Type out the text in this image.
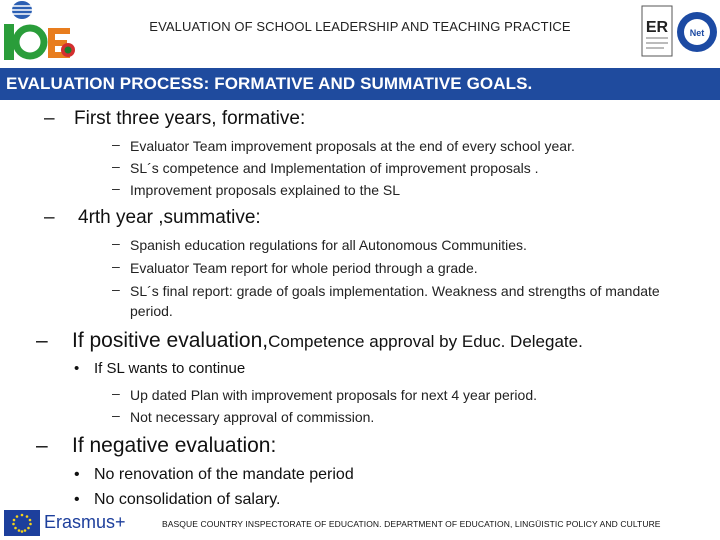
EVALUATION OF SCHOOL LEADERSHIP AND TEACHING PRACTICE	ER Net
EVALUATION PROCESS: FORMATIVE AND SUMMATIVE GOALS.
– First three years, formative:
– Evaluator Team improvement proposals at the end of every school year.
– SL´s competence and Implementation of improvement proposals .
– Improvement proposals explained to the SL
– 4rth year ,summative:
– Spanish education regulations for all Autonomous Communities.
– Evaluator Team report for whole period through a grade.
– SL´s final report: grade of goals implementation. Weakness and strengths of mandate period.
– If positive evaluation,Competence approval by Educ. Delegate.
• If SL wants to continue
– Up dated Plan with improvement proposals for next 4 year period.
– Not necessary approval of commission.
– If negative evaluation:
• No renovation of the mandate period
• No consolidation of salary.
Erasmus+	BASQUE COUNTRY INSPECTORATE OF EDUCATION. DEPARTMENT OF EDUCATION, LINGÜISTIC POLICY AND CULTURE
